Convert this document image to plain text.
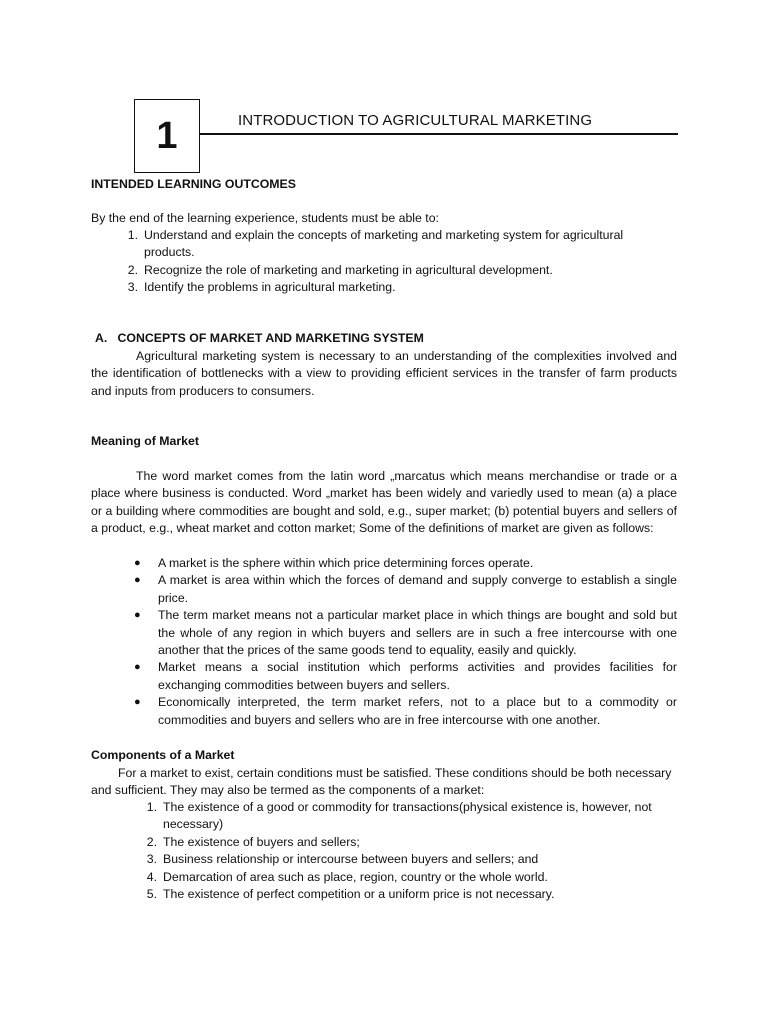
1	INTRODUCTION TO AGRICULTURAL MARKETING
INTENDED LEARNING OUTCOMES
By the end of the learning experience, students must be able to:
1. Understand and explain the concepts of marketing and marketing system for agricultural products.
2. Recognize the role of marketing and marketing in agricultural development.
3. Identify the problems in agricultural marketing.
A.   CONCEPTS OF MARKET AND MARKETING SYSTEM
Agricultural marketing system is necessary to an understanding of the complexities involved and the identification of bottlenecks with a view to providing efficient services in the transfer of farm products and inputs from producers to consumers.
Meaning of Market
The word market comes from the latin word „marcatus which means merchandise or trade or a place where business is conducted. Word „market has been widely and variedly used to mean (a) a place or a building where commodities are bought and sold, e.g., super market; (b) potential buyers and sellers of a product, e.g., wheat market and cotton market; Some of the definitions of market are given as follows:
● A market is the sphere within which price determining forces operate.
● A market is area within which the forces of demand and supply converge to establish a single price.
● The term market means not a particular market place in which things are bought and sold but the whole of any region in which buyers and sellers are in such a free intercourse with one another that the prices of the same goods tend to equality, easily and quickly.
● Market means a social institution which performs activities and provides facilities for exchanging commodities between buyers and sellers.
● Economically interpreted, the term market refers, not to a place but to a commodity or commodities and buyers and sellers who are in free intercourse with one another.
Components of a Market
For a market to exist, certain conditions must be satisfied. These conditions should be both necessary and sufficient. They may also be termed as the components of a market:
1. The existence of a good or commodity for transactions(physical existence is, however, not necessary)
2. The existence of buyers and sellers;
3. Business relationship or intercourse between buyers and sellers; and
4. Demarcation of area such as place, region, country or the whole world.
5. The existence of perfect competition or a uniform price is not necessary.
